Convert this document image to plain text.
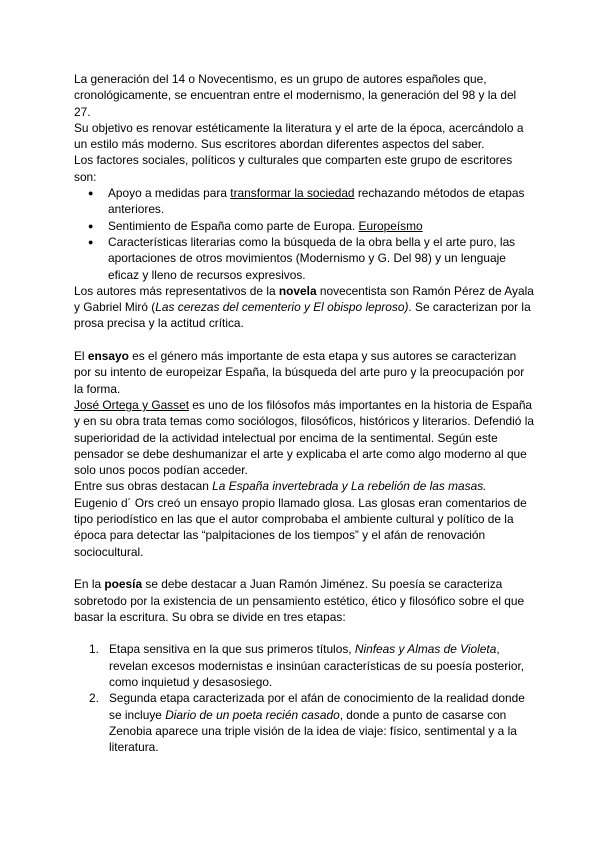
La generación del 14 o Novecentismo, es un grupo de autores españoles que, cronológicamente, se encuentran entre el modernismo, la generación del 98 y la del 27.

Su objetivo es renovar estéticamente la literatura y el arte de la época, acercándolo a un estilo más moderno. Sus escritores abordan diferentes aspectos del saber.

Los factores sociales, políticos y culturales que comparten este grupo de escritores son:

● Apoyo a medidas para transformar la sociedad rechazando métodos de etapas anteriores.
● Sentimiento de España como parte de Europa. Europeísmo
● Características literarias como la búsqueda de la obra bella y el arte puro, las aportaciones de otros movimientos (Modernismo y G. Del 98) y un lenguaje eficaz y lleno de recursos expresivos.

Los autores más representativos de la novela novecentista son Ramón Pérez de Ayala y Gabriel Miró (Las cerezas del cementerio y El obispo leproso). Se caracterizan por la prosa precisa y la actitud crítica.

El ensayo es el género más importante de esta etapa y sus autores se caracterizan por su intento de europeizar España, la búsqueda del arte puro y la preocupación por la forma.

José Ortega y Gasset es uno de los filósofos más importantes en la historia de España y en su obra trata temas como sociólogos, filosóficos, históricos y literarios. Defendió la superioridad de la actividad intelectual por encima de la sentimental. Según este pensador se debe deshumanizar el arte y explicaba el arte como algo moderno al que solo unos pocos podían acceder.

Entre sus obras destacan La España invertebrada y La rebelión de las masas.

Eugenio d´ Ors creó un ensayo propio llamado glosa. Las glosas eran comentarios de tipo periodístico en las que el autor comprobaba el ambiente cultural y político de la época para detectar las “palpitaciones de los tiempos” y el afán de renovación sociocultural.

En la poesía se debe destacar a Juan Ramón Jiménez. Su poesía se caracteriza sobretodo por la existencia de un pensamiento estético, ético y filosófico sobre el que basar la escritura. Su obra se divide en tres etapas:

1. Etapa sensitiva en la que sus primeros títulos, Ninfeas y Almas de Violeta, revelan excesos modernistas e insinúan características de su poesía posterior, como inquietud y desasosiego.
2. Segunda etapa caracterizada por el afán de conocimiento de la realidad donde se incluye Diario de un poeta recién casado, donde a punto de casarse con Zenobia aparece una triple visión de la idea de viaje: físico, sentimental y a la literatura.
